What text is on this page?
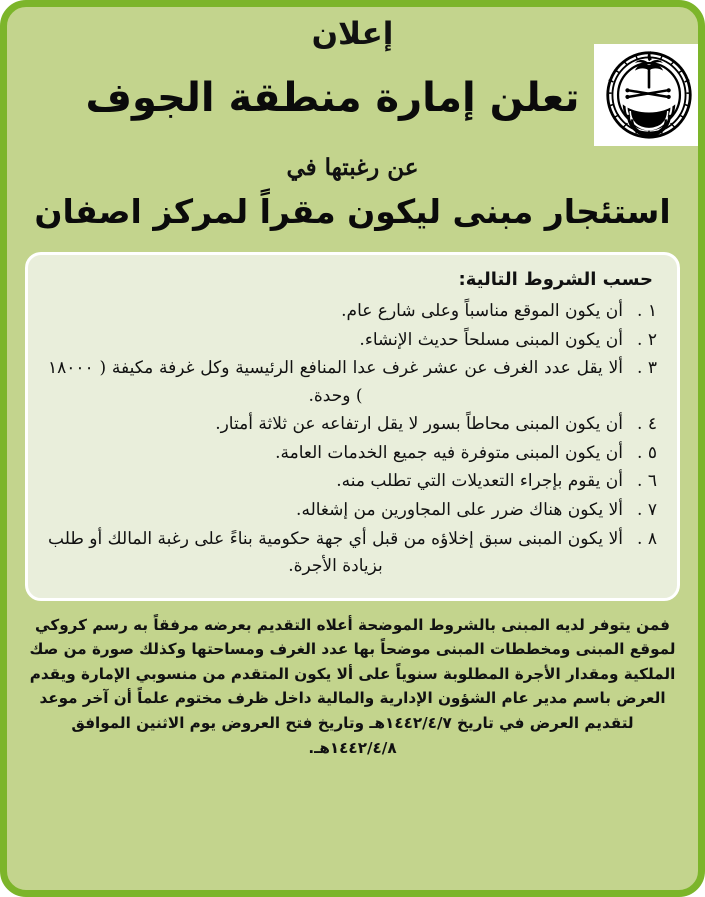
إعلان
تعلن إمارة منطقة الجوف
عن رغبتها في
استئجار مبنى ليكون مقراً لمركز اصفان
حسب الشروط التالية:
١ .
أن يكون الموقع مناسباً وعلى شارع عام.
٢ .
أن يكون المبنى مسلحاً حديث الإنشاء.
٣ .
ألا يقل عدد الغرف عن عشر غرف عدا المنافع الرئيسية وكل غرفة مكيفة ( ١٨٠٠٠ ) وحدة.
٤ .
أن يكون المبنى محاطاً بسور لا يقل ارتفاعه عن ثلاثة أمتار.
٥ .
أن يكون المبنى متوفرة فيه جميع الخدمات العامة.
٦ .
أن يقوم بإجراء التعديلات التي تطلب منه.
٧ .
ألا يكون هناك ضرر على المجاورين من إشغاله.
٨ .
ألا يكون المبنى سبق إخلاؤه من قبل أي جهة حكومية بناءً على رغبة المالك أو طلب بزيادة الأجرة.
فمن يتوفر لديه المبنى بالشروط الموضحة أعلاه التقديم بعرضه مرفقاً به رسم كروكي لموقع المبنى ومخططات المبنى موضحاً بها عدد الغرف ومساحتها وكذلك صورة من صك الملكية ومقدار الأجرة المطلوبة سنوياً على ألا يكون المتقدم من منسوبي الإمارة ويقدم العرض باسم مدير عام الشؤون الإدارية والمالية داخل ظرف مختوم علماً أن آخر موعد لتقديم العرض في تاريخ ١٤٤٢/٤/٧هـ وتاريخ فتح العروض يوم الاثنين الموافق ١٤٤٢/٤/٨هـ.
